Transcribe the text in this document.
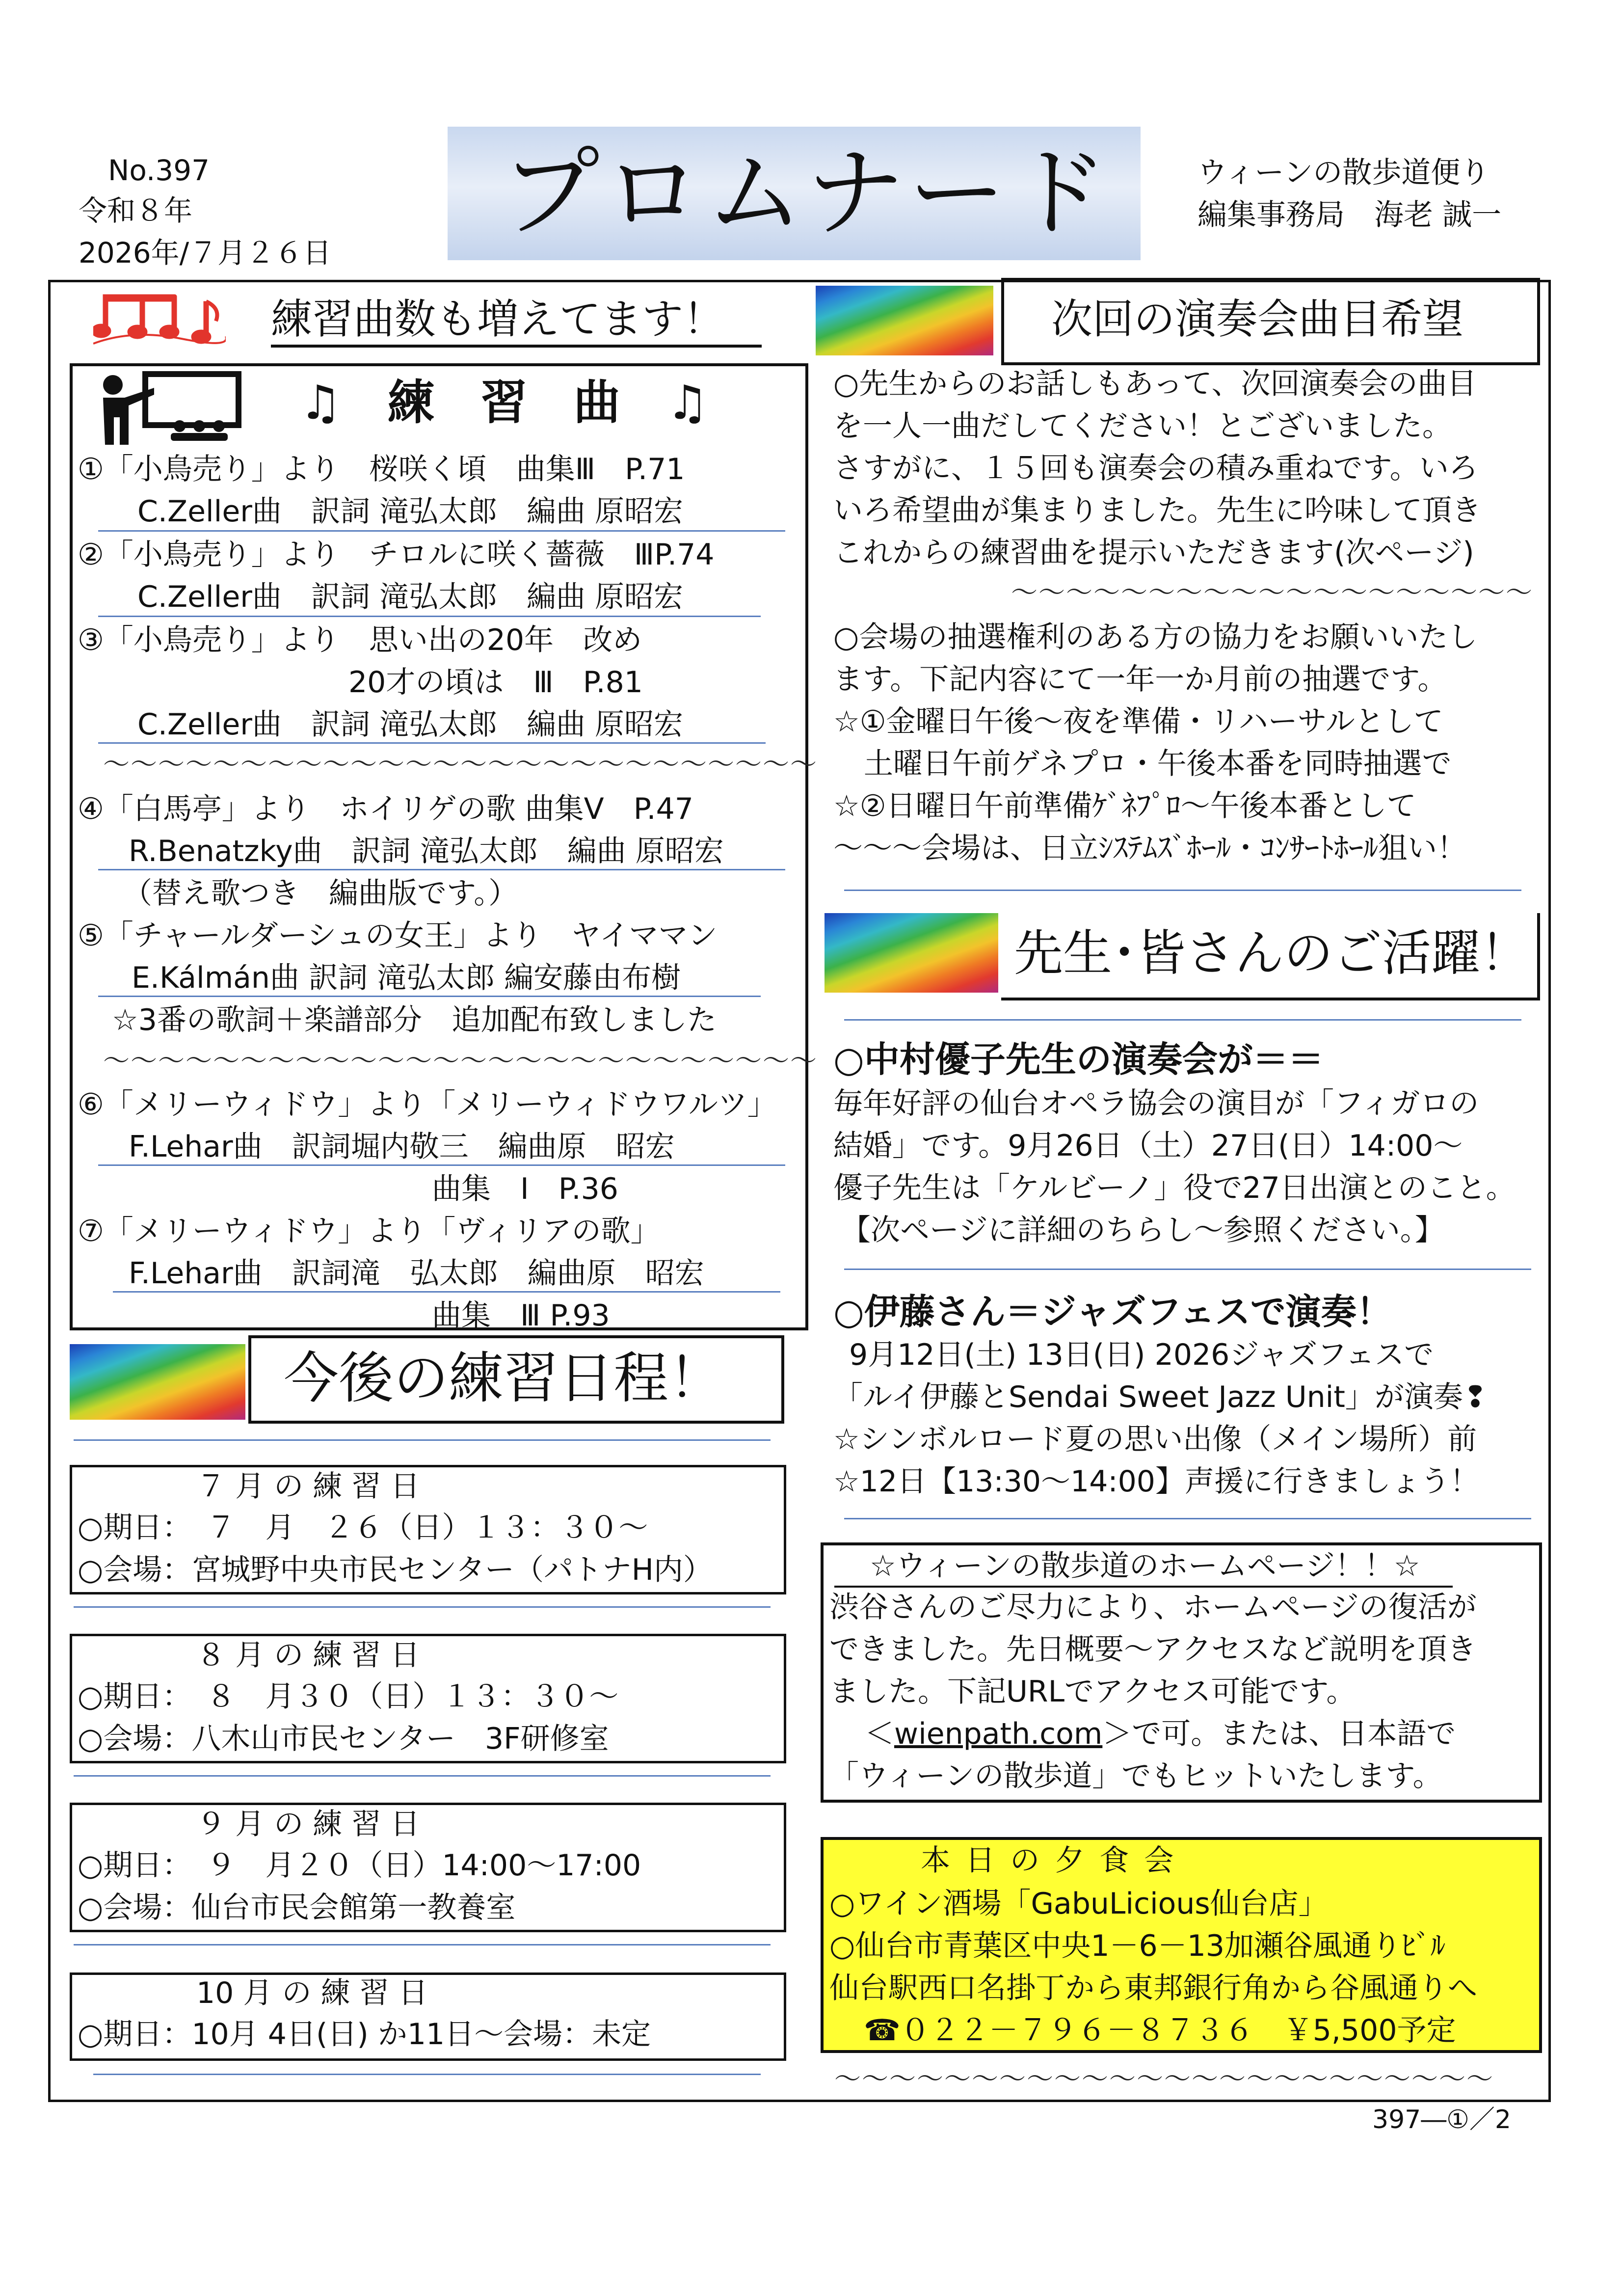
No.397
令和８年
2026年/７月２６日
プロムナード	ウィーンの散歩道便り
編集事務局　海老 誠一
練習曲数も増えてます！
♫ 練 習 曲 ♫
①「小鳥売り」より　桜咲く頃　曲集Ⅲ　P.71
C.Zeller曲　訳詞 滝弘太郎　編曲 原昭宏
②「小鳥売り」より　チロルに咲く薔薇　ⅢP.74
C.Zeller曲　訳詞 滝弘太郎　編曲 原昭宏
③「小鳥売り」より　思い出の20年　改め
20才の頃は　Ⅲ　P.81
C.Zeller曲　訳詞 滝弘太郎　編曲 原昭宏
～～～～～～～～～～～～～～～～～～～～～～～～～～
④「白馬亭」より　ホイリゲの歌 曲集Ⅴ　P.47
R.Benatzky曲　訳詞 滝弘太郎　編曲 原昭宏
（替え歌つき　編曲版です。）
⑤「チャールダーシュの女王」より　ヤイママン
E.Kálmán曲 訳詞 滝弘太郎 編安藤由布樹
☆3番の歌詞＋楽譜部分　追加配布致しました
～～～～～～～～～～～～～～～～～～～～～～～～～～
⑥「メリーウィドウ」より「メリーウィドウワルツ」
F.Lehar曲　訳詞堀内敬三　編曲原　昭宏
曲集　Ⅰ　P.36
⑦「メリーウィドウ」より「ヴィリアの歌」
F.Lehar曲　訳詞滝　弘太郎　編曲原　昭宏
曲集　Ⅲ P.93
今後の練習日程！
７ 月 の 練 習 日
○期日：　７　月　２６（日）１３：３０～
○会場：宮城野中央市民センター（パトナH内）
８ 月 の 練 習 日
○期日：　８　月３０（日）１３：３０～
○会場：八木山市民センター　3F研修室
９ 月 の 練 習 日
○期日：　９　月２０（日）14:00～17:00
○会場：仙台市民会館第一教養室
10 月 の 練 習 日
○期日：10月 4日(日) か11日～会場：未定
次回の演奏会曲目希望
○先生からのお話しもあって、次回演奏会の曲目
を一人一曲だしてください！とございました。
さすがに、１５回も演奏会の積み重ねです。いろ
いろ希望曲が集まりました。先生に吟味して頂き
これからの練習曲を提示いただきます(次ページ)
～～～～～～～～～～～～～～～～～～～
○会場の抽選権利のある方の協力をお願いいたし
ます。下記内容にて一年一か月前の抽選です。
☆①金曜日午後～夜を準備・リハーサルとして
土曜日午前ゲネプロ・午後本番を同時抽選で
☆②日曜日午前準備ｹﾞﾈﾌﾟﾛ～午後本番として
～～～会場は、日立ｼｽﾃﾑｽﾞﾎｰﾙ・ｺﾝｻｰﾄﾎｰﾙ狙い！
先生･皆さんのご活躍！
○中村優子先生の演奏会が＝＝
毎年好評の仙台オペラ協会の演目が「フィガロの
結婚」です。9月26日（土）27日(日）14:00～
優子先生は「ケルビーノ」役で27日出演とのこと。
【次ページに詳細のちらし～参照ください。】
○伊藤さん＝ジャズフェスで演奏！
9月12日(土) 13日(日) 2026ジャズフェスで
「ルイ伊藤とSendai Sweet Jazz Unit」が演奏❢
☆シンボルロード夏の思い出像（メイン場所）前
☆12日【13:30～14:00】声援に行きましょう！
☆ウィーンの散歩道のホームページ！！☆
渋谷さんのご尽力により、ホームページの復活が
できました。先日概要～アクセスなど説明を頂き
ました。下記URLでアクセス可能です。
＜wienpath.com＞で可。または、日本語で
「ウィーンの散歩道」でもヒットいたします。
本 日 の 夕 食 会
○ワイン酒場「GabuLicious仙台店」
○仙台市青葉区中央1－6－13加瀬谷風通りﾋﾞﾙ
仙台駅西口名掛丁から東邦銀行角から谷風通りへ
☎０２２－７９６－８７３６　￥5,500予定
～～～～～～～～～～～～～～～～～～～～～～～～
397―①／2
